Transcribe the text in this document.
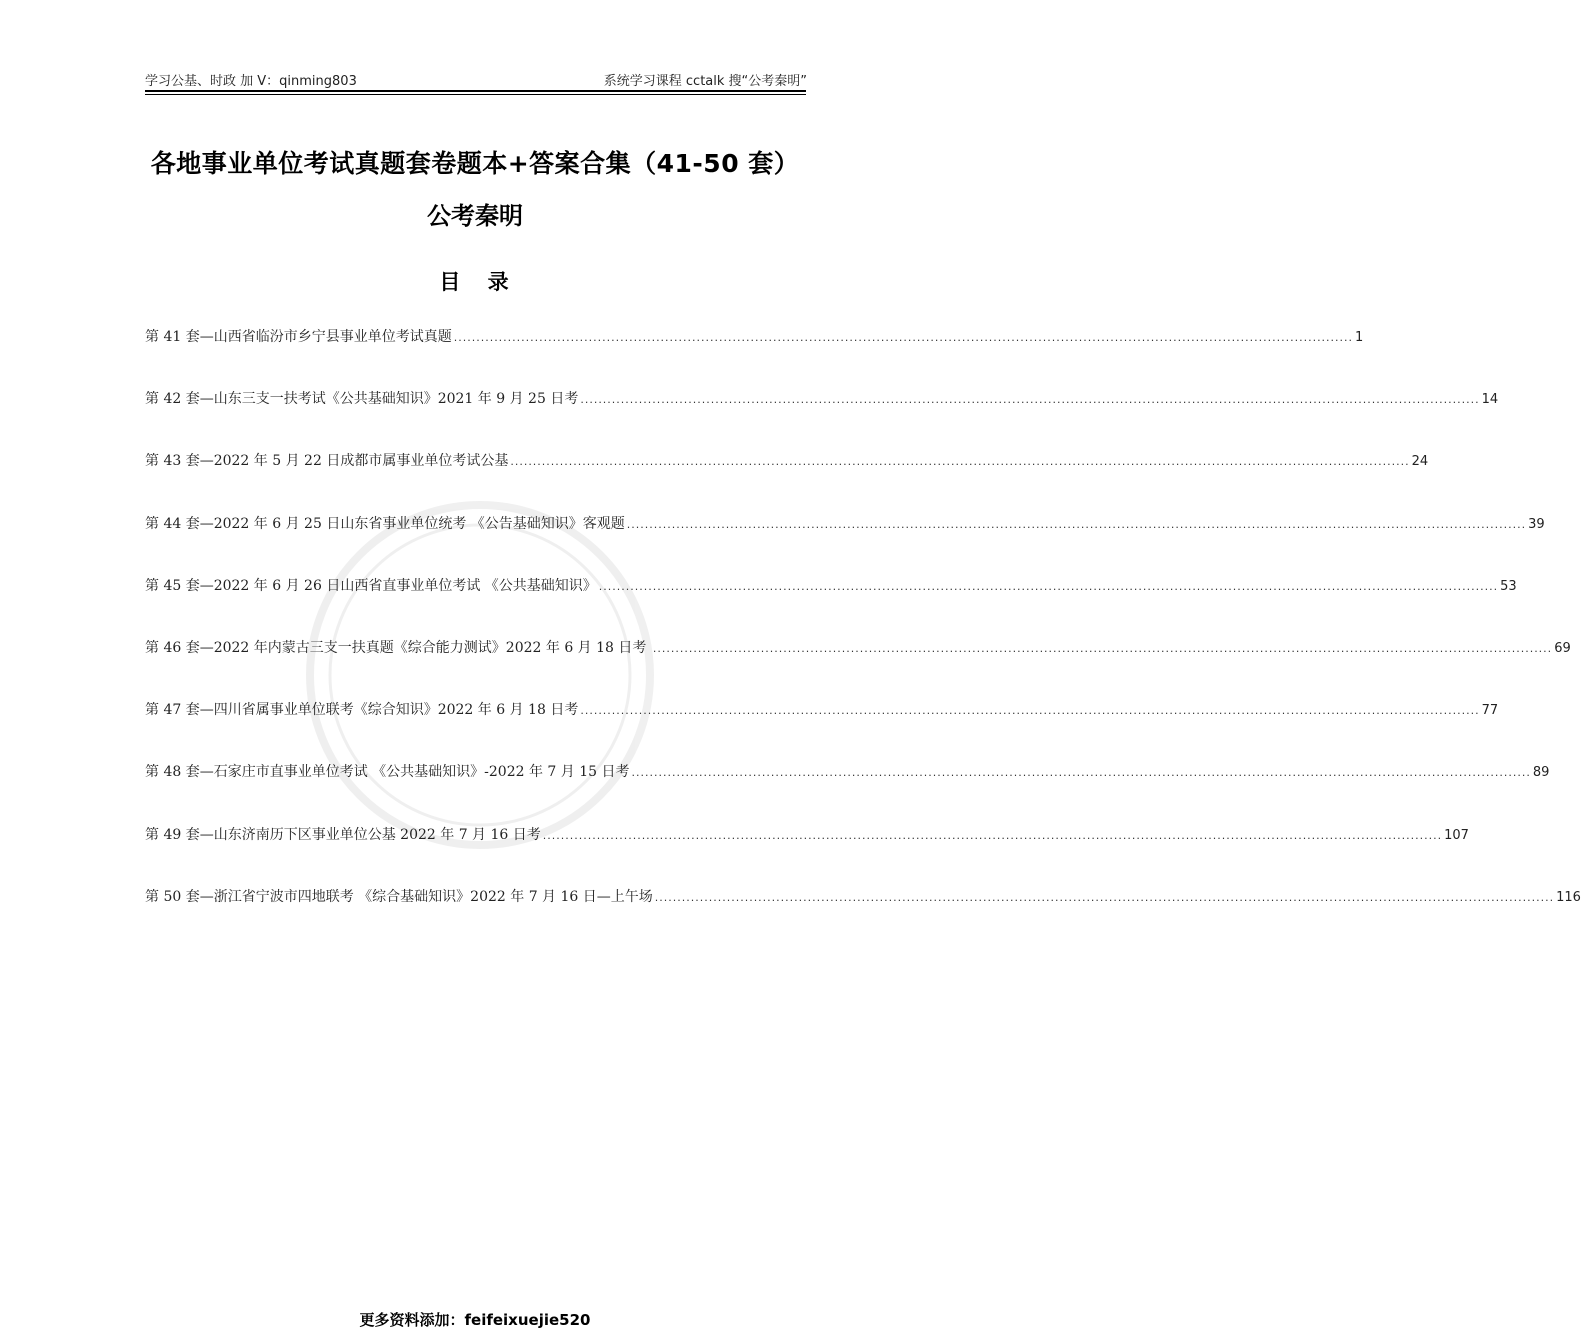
学习公基、时政 加 V：qinming803	系统学习课程 cctalk 搜“公考秦明”
各地事业单位考试真题套卷题本+答案合集（41-50 套）
公考秦明
目 录
第 41 套—山西省临汾市乡宁县事业单位考试真题 ........................................................................................................................................................................................................ 1
第 42 套—山东三支一扶考试《公共基础知识》2021 年 9 月 25 日考 ........................................................................................................................................................................................................ 14
第 43 套—2022 年 5 月 22 日成都市属事业单位考试公基 ........................................................................................................................................................................................................ 24
第 44 套—2022 年 6 月 25 日山东省事业单位统考 《公告基础知识》客观题 ........................................................................................................................................................................................................ 39
第 45 套—2022 年 6 月 26 日山西省直事业单位考试 《公共基础知识》 ........................................................................................................................................................................................................ 53
第 46 套—2022 年内蒙古三支一扶真题《综合能力测试》2022 年 6 月 18 日考 ........................................................................................................................................................................................................ 69
第 47 套—四川省属事业单位联考《综合知识》2022 年 6 月 18 日考 ........................................................................................................................................................................................................ 77
第 48 套—石家庄市直事业单位考试 《公共基础知识》-2022 年 7 月 15 日考 ........................................................................................................................................................................................................ 89
第 49 套—山东济南历下区事业单位公基 2022 年 7 月 16 日考 ........................................................................................................................................................................................................ 107
第 50 套—浙江省宁波市四地联考 《综合基础知识》2022 年 7 月 16 日—上午场 ........................................................................................................................................................................................................ 116
更多资料添加：feifeixuejie520
